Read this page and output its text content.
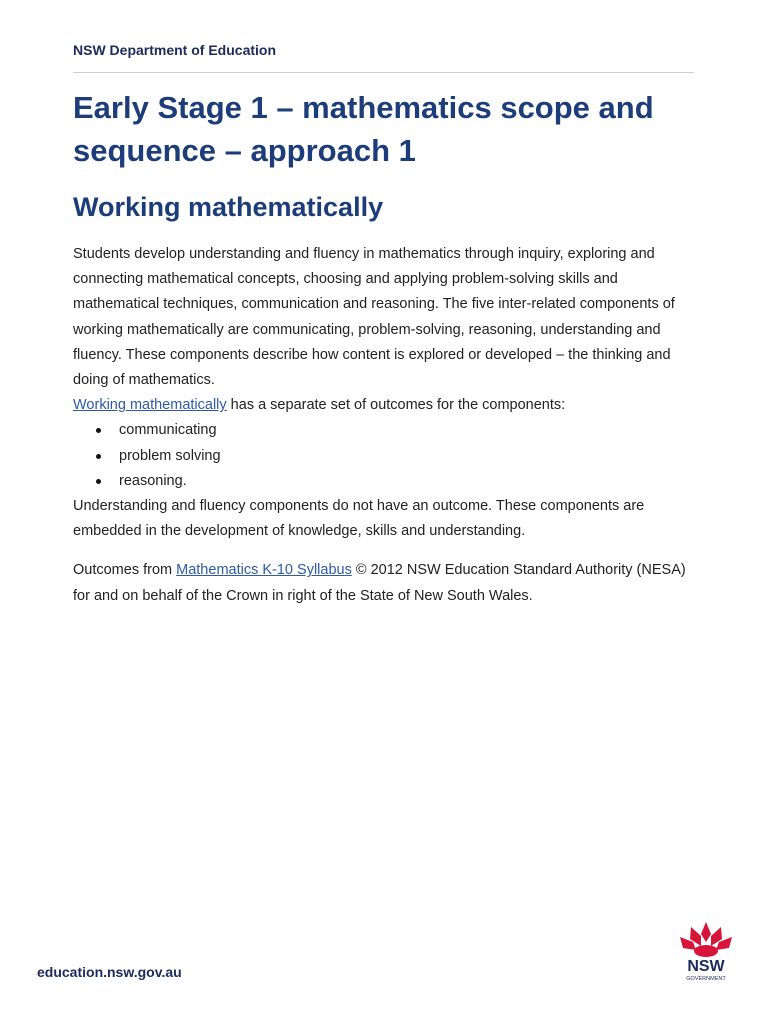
NSW Department of Education
Early Stage 1 – mathematics scope and sequence – approach 1
Working mathematically

Students develop understanding and fluency in mathematics through inquiry, exploring and connecting mathematical concepts, choosing and applying problem-solving skills and mathematical techniques, communication and reasoning. The five inter-related components of working mathematically are communicating, problem-solving, reasoning, understanding and fluency. These components describe how content is explored or developed – the thinking and doing of mathematics.

Working mathematically has a separate set of outcomes for the components:

communicating
problem solving
reasoning.

Understanding and fluency components do not have an outcome. These components are embedded in the development of knowledge, skills and understanding.

Outcomes from Mathematics K-10 Syllabus © 2012 NSW Education Standard Authority (NESA) for and on behalf of the Crown in right of the State of New South Wales.

education.nsw.gov.au	NSW
GOVERNMENT
